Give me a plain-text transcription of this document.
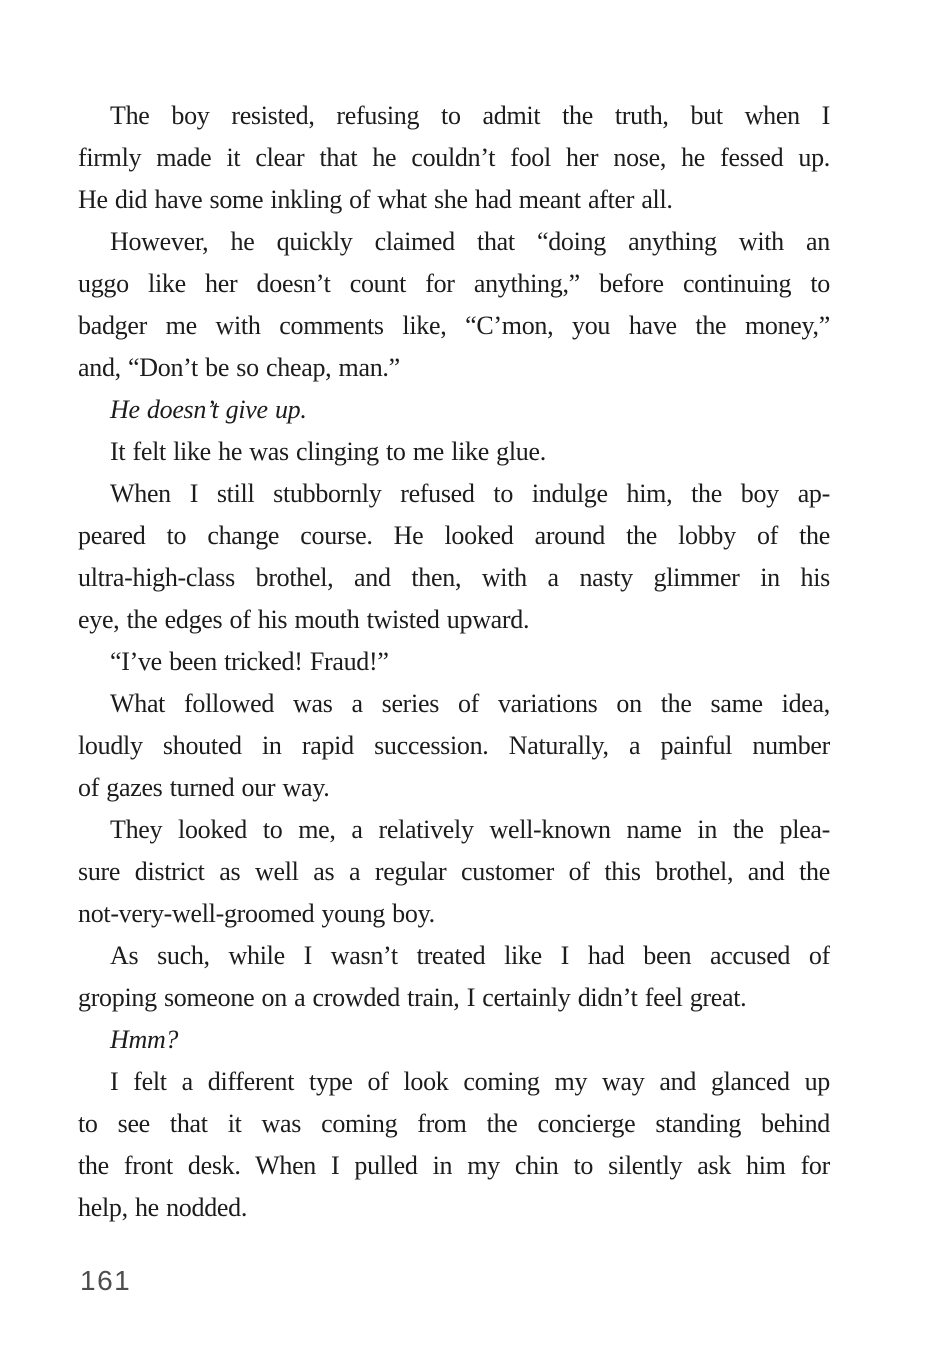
The boy resisted, refusing to admit the truth, but when I
firmly made it clear that he couldn’t fool her nose, he fessed up.
He did have some inkling of what she had meant after all.
However, he quickly claimed that “doing anything with an
uggo like her doesn’t count for anything,” before continuing to
badger me with comments like, “C’mon, you have the money,”
and, “Don’t be so cheap, man.”
He doesn’t give up.
It felt like he was clinging to me like glue.
When I still stubbornly refused to indulge him, the boy ap-
peared to change course. He looked around the lobby of the
ultra-high-class brothel, and then, with a nasty glimmer in his
eye, the edges of his mouth twisted upward.
“I’ve been tricked! Fraud!”
What followed was a series of variations on the same idea,
loudly shouted in rapid succession. Naturally, a painful number
of gazes turned our way.
They looked to me, a relatively well-known name in the plea-
sure district as well as a regular customer of this brothel, and the
not-very-well-groomed young boy.
As such, while I wasn’t treated like I had been accused of
groping someone on a crowded train, I certainly didn’t feel great.
Hmm?
I felt a different type of look coming my way and glanced up
to see that it was coming from the concierge standing behind
the front desk. When I pulled in my chin to silently ask him for
help, he nodded.
161
